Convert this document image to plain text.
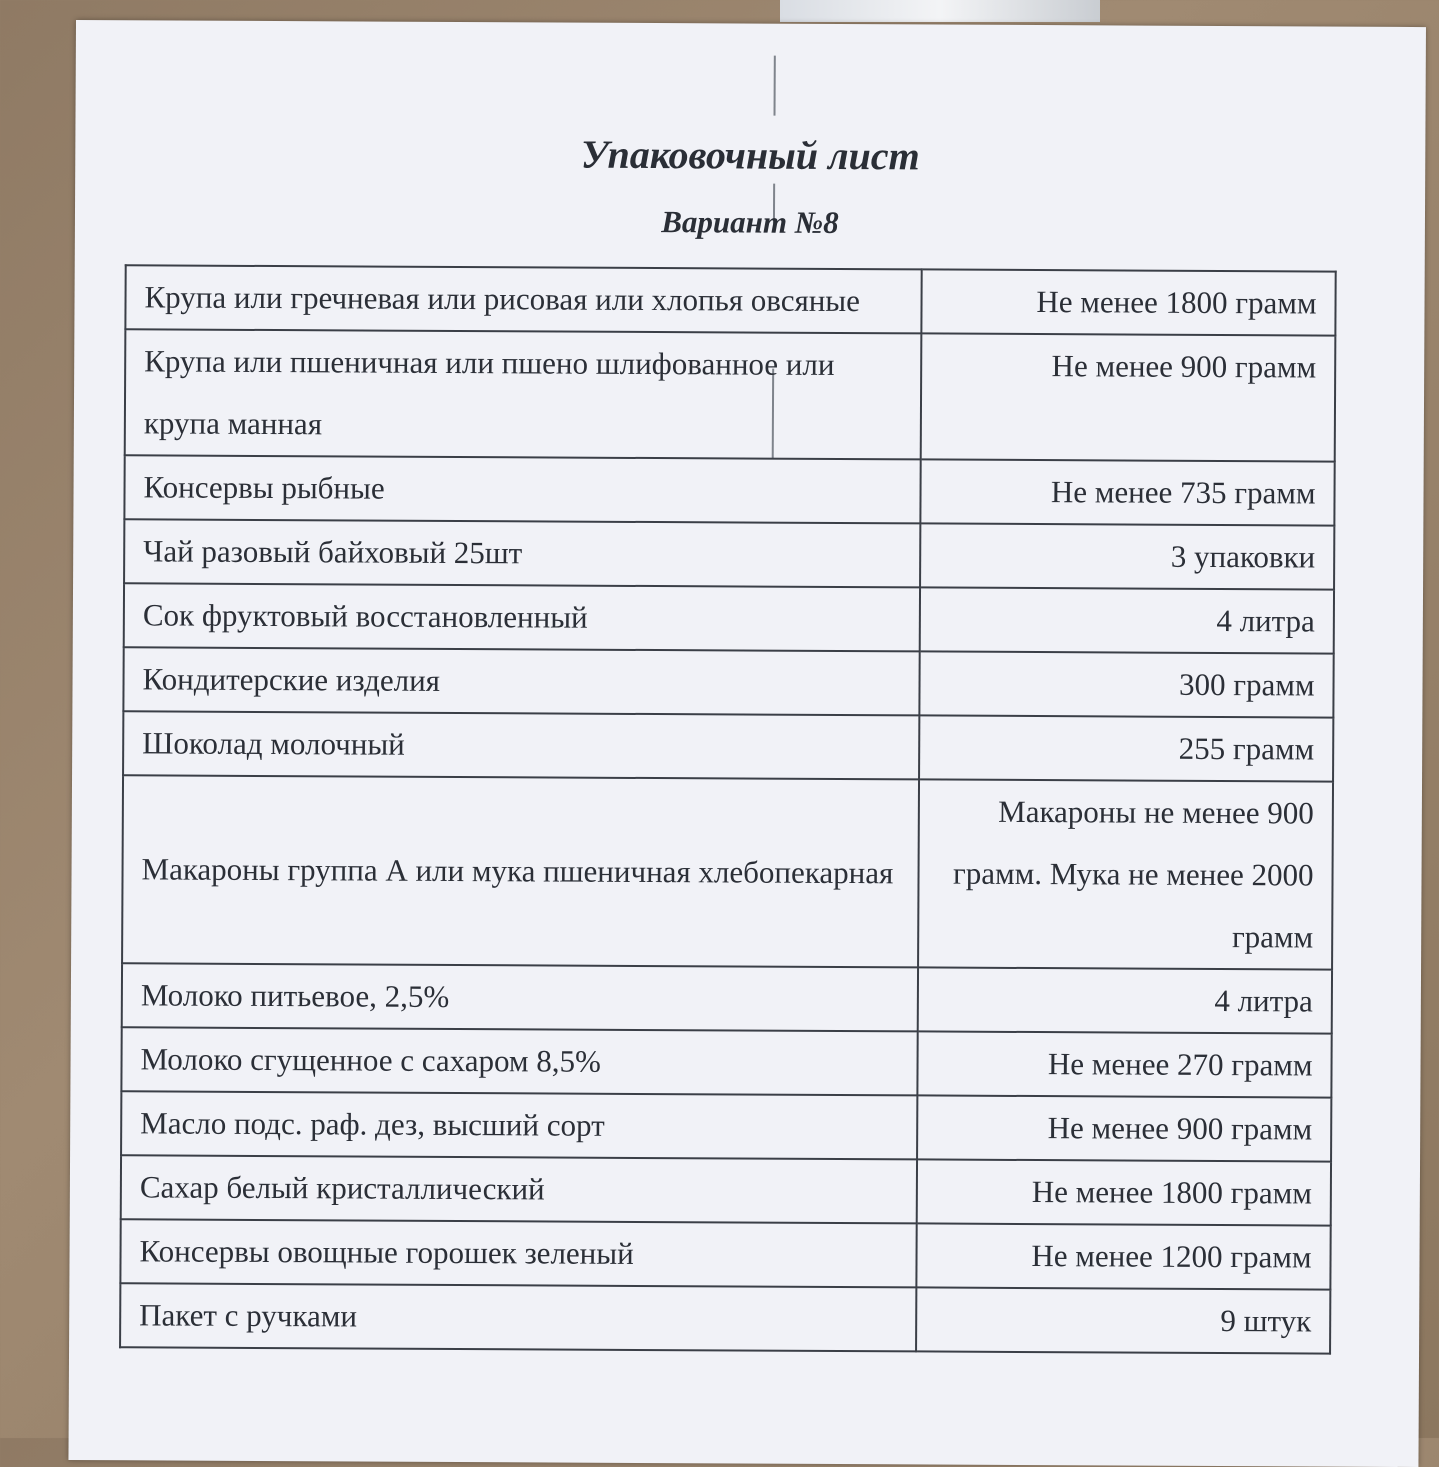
Упаковочный лист
Вариант №8
Крупа или гречневая или рисовая или хлопья овсяные	Не менее 1800 грамм
Крупа или пшеничная или пшено шлифованное или крупа манная	Не менее 900 грамм
Консервы рыбные	Не менее 735 грамм
Чай разовый байховый 25шт	3 упаковки
Сок фруктовый восстановленный	4 литра
Кондитерские изделия	300 грамм
Шоколад молочный	255 грамм
Макароны группа А или мука пшеничная хлебопекарная	Макароны не менее 900 грамм. Мука не менее 2000 грамм
Молоко питьевое, 2,5%	4 литра
Молоко сгущенное с сахаром 8,5%	Не менее 270 грамм
Масло подс. раф. дез, высший сорт	Не менее 900 грамм
Сахар белый кристаллический	Не менее 1800 грамм
Консервы овощные горошек зеленый	Не менее 1200 грамм
Пакет с ручками	9 штук
